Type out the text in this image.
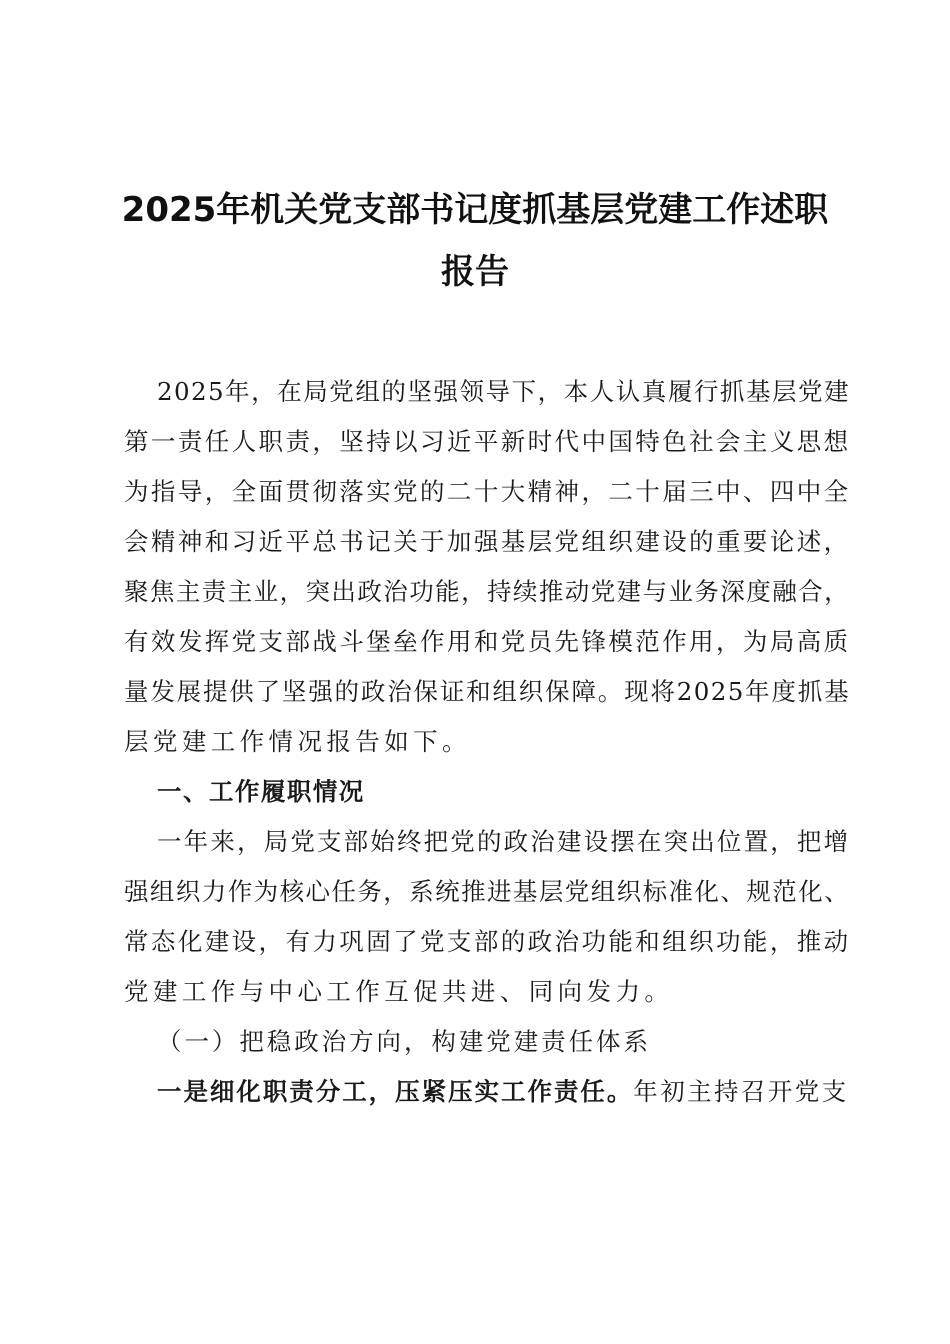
2025年机关党支部书记度抓基层党建工作述职
报告
2025年，在局党组的坚强领导下，本人认真履行抓基层党建
第一责任人职责，坚持以习近平新时代中国特色社会主义思想
为指导，全面贯彻落实党的二十大精神，二十届三中、四中全
会精神和习近平总书记关于加强基层党组织建设的重要论述，
聚焦主责主业，突出政治功能，持续推动党建与业务深度融合，
有效发挥党支部战斗堡垒作用和党员先锋模范作用，为局高质
量发展提供了坚强的政治保证和组织保障。现将2025年度抓基
层党建工作情况报告如下。
一、工作履职情况
一年来，局党支部始终把党的政治建设摆在突出位置，把增
强组织力作为核心任务，系统推进基层党组织标准化、规范化、
常态化建设，有力巩固了党支部的政治功能和组织功能，推动
党建工作与中心工作互促共进、同向发力。
（一）把稳政治方向，构建党建责任体系
一是细化职责分工，压紧压实工作责任。年初主持召开党支
